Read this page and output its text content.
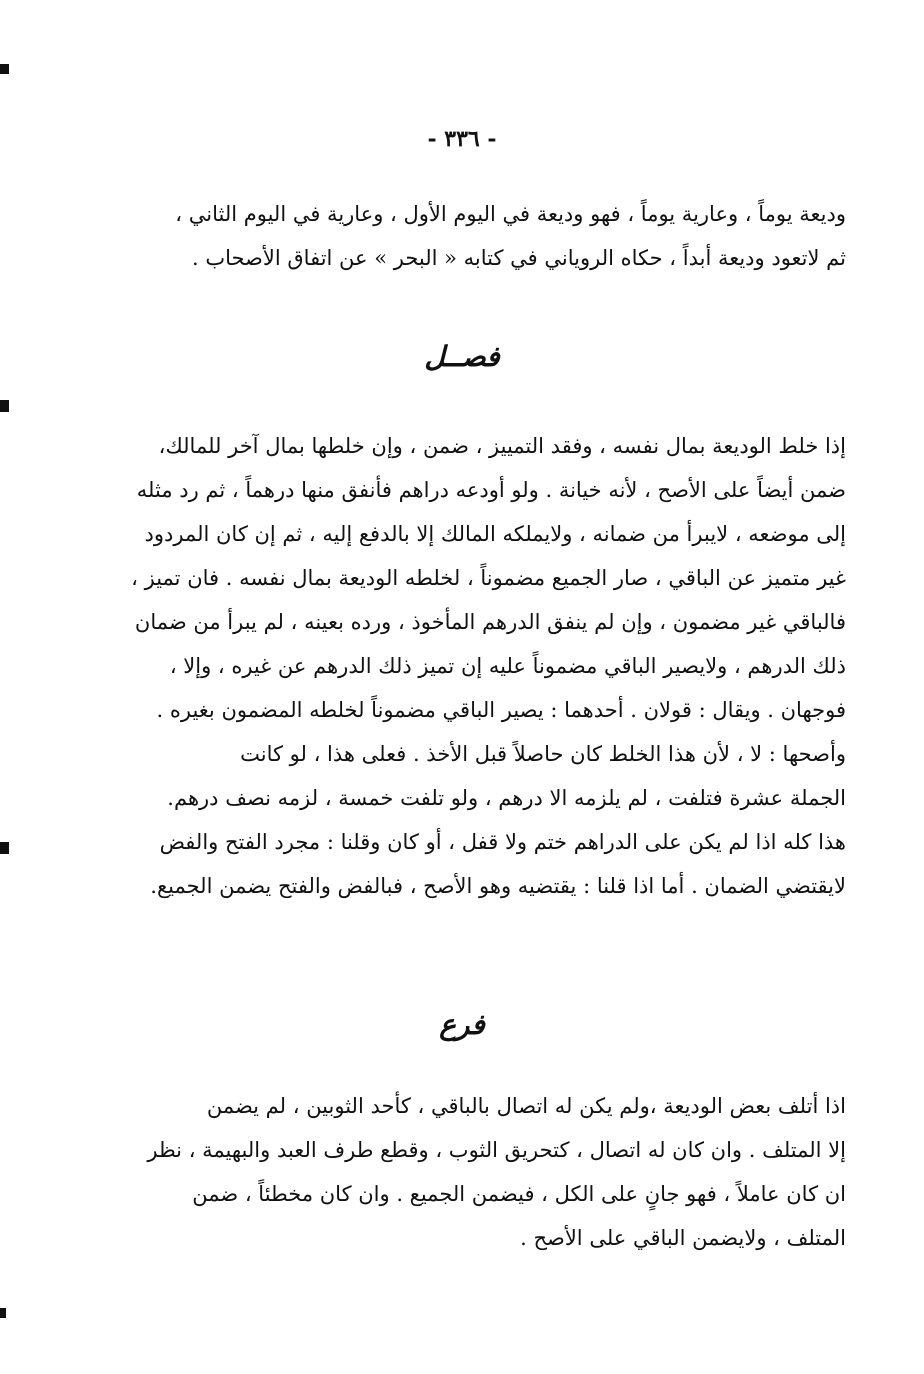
- ٣٣٦ -
وديعة يوماً ، وعارية يوماً ، فهو وديعة في اليوم الأول ، وعارية في اليوم الثاني ،
ثم لاتعود وديعة أبداً ، حكاه الروياني في كتابه « البحر » عن اتفاق الأصحاب .
فصــل
إذا خلط الوديعة بمال نفسه ، وفقد التمييز ، ضمن ، وإن خلطها بمال آخر للمالك،
ضمن أيضاً على الأصح ، لأنه خيانة . ولو أودعه دراهم فأنفق منها درهماً ، ثم رد مثله
إلى موضعه ، لايبرأ من ضمانه ، ولايملكه المالك إلا بالدفع إليه ، ثم إن كان المردود
غير متميز عن الباقي ، صار الجميع مضموناً ، لخلطه الوديعة بمال نفسه . فان تميز ،
فالباقي غير مضمون ، وإن لم ينفق الدرهم المأخوذ ، ورده بعينه ، لم يبرأ من ضمان
ذلك الدرهم ، ولايصير الباقي مضموناً عليه إن تميز ذلك الدرهم عن غيره ، وإلا ،
فوجهان . ويقال : قولان . أحدهما : يصير الباقي مضموناً لخلطه المضمون بغيره .
وأصحها : لا ، لأن هذا الخلط كان حاصلاً قبل الأخذ . فعلى هذا ، لو كانت
الجملة عشرة فتلفت ، لم يلزمه الا درهم ، ولو تلفت خمسة ، لزمه نصف درهم.
هذا كله اذا لم يكن على الدراهم ختم ولا قفل ، أو كان وقلنا : مجرد الفتح والفض
لايقتضي الضمان . أما اذا قلنا : يقتضيه وهو الأصح ، فبالفض والفتح يضمن الجميع.
فرع
اذا أتلف بعض الوديعة ،ولم يكن له اتصال بالباقي ، كأحد الثوبين ، لم يضمن
إلا المتلف . وان كان له اتصال ، كتحريق الثوب ، وقطع طرف العبد والبهيمة ، نظر
ان كان عاملاً ، فهو جانٍ على الكل ، فيضمن الجميع . وان كان مخطئاً ، ضمن
المتلف ، ولايضمن الباقي على الأصح .
